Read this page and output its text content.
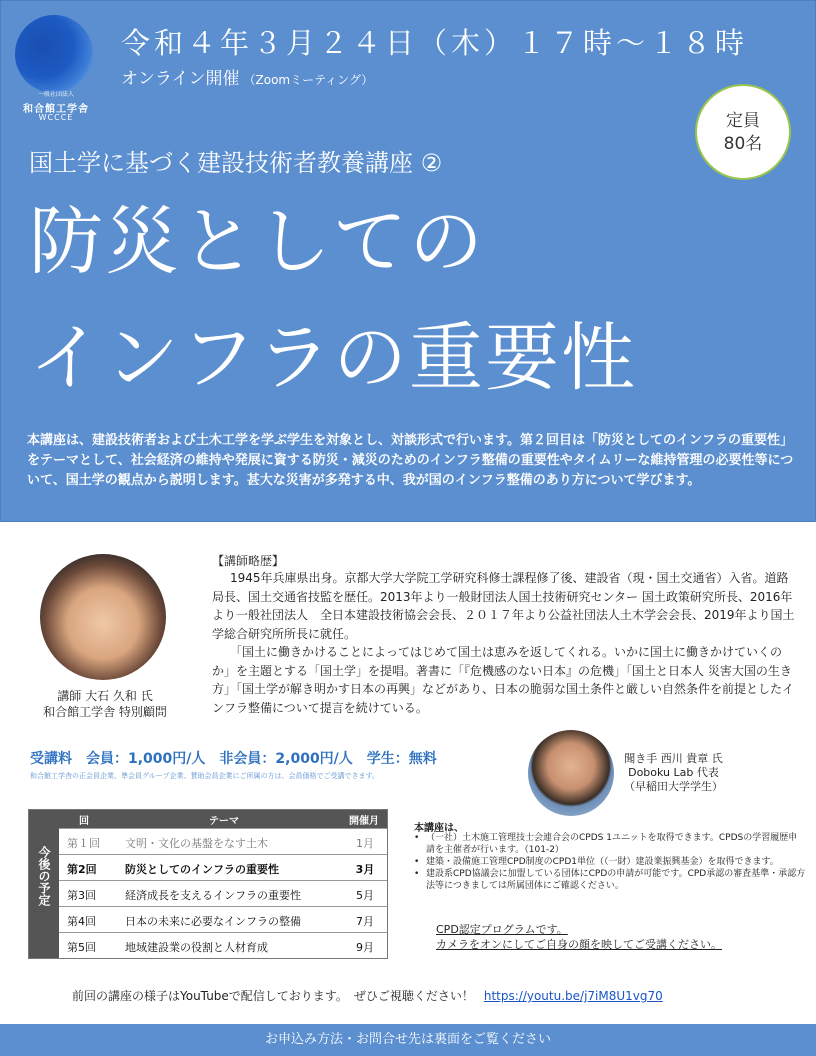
一般社団法人
和合館工学舎
WCCCE
令和４年３月２４日（木）１７時～１８時
オンライン開催 （Zoomミーティング）
定員
80名
国土学に基づく建設技術者教養講座 ②
防災としての
インフラの重要性
本講座は、建設技術者および土木工学を学ぶ学生を対象とし、対談形式で行います。第２回目は「防災としてのインフラの重要性」をテーマとして、社会経済の維持や発展に資する防災・減災のためのインフラ整備の重要性やタイムリーな維持管理の必要性等について、国土学の観点から説明します。甚大な災害が多発する中、我が国のインフラ整備のあり方について学びます。
講師 大石 久和 氏
和合館工学舎 特別顧問
【講師略歴】

1945年兵庫県出身。京都大学大学院工学研究科修士課程修了後、建設省（現・国土交通省）入省。道路局長、国土交通省技監を歴任。2013年より一般財団法人国土技術研究センター 国土政策研究所長、2016年より一般社団法人　全日本建設技術協会会長、２０１７年より公益社団法人土木学会会長、2019年より国土学総合研究所所長に就任。

「国土に働きかけることによってはじめて国土は恵みを返してくれる。いかに国土に働きかけていくのか」を主題とする「国土学」を提唱。著書に「『危機感のない日本』の危機」「国土と日本人 災害大国の生き方」「国土学が解き明かす日本の再興」などがあり、日本の脆弱な国土条件と厳しい自然条件を前提としたインフラ整備について提言を続けている。

受講料　会員：1,000円/人　非会員：2,000円/人　学生：無料
和合館工学舎の正会員企業、準会員グループ企業、賛助会員企業にご所属の方は、会員価格でご受講できます。
聞き手 西川 貴章 氏
Doboku Lab 代表
（早稲田大学学生）
今後の予定
回	テーマ	開催月
第１回 文明・文化の基盤をなす土木	1月
第2回	防災としてのインフラの重要性	3月
第3回	経済成長を支えるインフラの重要性	5月
第4回	日本の未来に必要なインフラの整備	7月
第5回	地域建設業の役割と人材育成	9月
本講座は、
• （一社）土木施工管理技士会連合会のCPDS 1ユニットを取得できます。CPDSの学習履歴申請を主催者が行います。（101-2）
• 建築・設備施工管理CPD制度のCPD1単位（（一財）建設業振興基金）を取得できます。
• 建設系CPD協議会に加盟している団体にCPDの申請が可能です。CPD承認の審査基準・承認方法等につきましては所属団体にご確認ください。
CPD認定プログラムです。
カメラをオンにしてご自身の顔を映してご受講ください。
前回の講座の様子はYouTubeで配信しております。　ぜひご視聴ください！ https://youtu.be/j7iM8U1vg70
お申込み方法・お問合せ先は裏面をご覧ください
